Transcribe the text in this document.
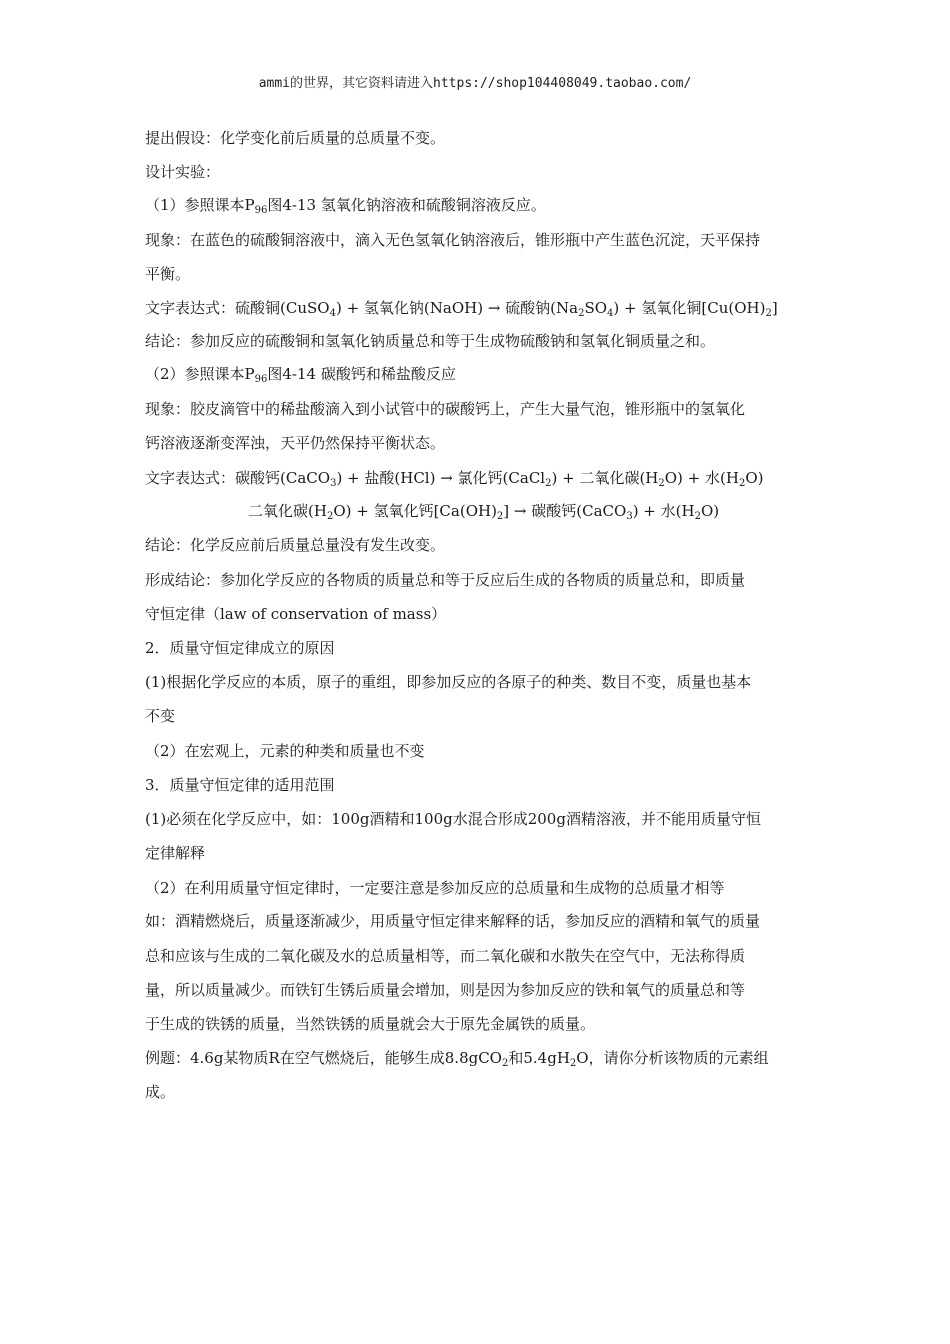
ammi的世界，其它资料请进入https://shop104408049.taobao.com/
提出假设：化学变化前后质量的总质量不变。
设计实验：
（1）参照课本$P_{96}$图4-13 氢氧化钠溶液和硫酸铜溶液反应。
现象：在蓝色的硫酸铜溶液中，滴入无色氢氧化钠溶液后，锥形瓶中产生蓝色沉淀，天平保持
平衡。
文字表达式：硫酸铜(CuSO$_4$) + 氢氧化钠(NaOH) → 硫酸钠$(Na_2SO_4)$ + 氢氧化铜$[Cu(OH)_2]$
结论：参加反应的硫酸铜和氢氧化钠质量总和等于生成物硫酸钠和氢氧化铜质量之和。
（2）参照课本$P_{96}$图4-14 碳酸钙和稀盐酸反应
现象：胶皮滴管中的稀盐酸滴入到小试管中的碳酸钙上，产生大量气泡，锥形瓶中的氢氧化
钙溶液逐渐变浑浊，天平仍然保持平衡状态。
文字表达式：碳酸钙(CaCO$_3$) + 盐酸(HCl) → 氯化钙(CaCl$_2$) + 二氧化碳$(H_2O)$ + 水$(H_2O)$
二氧化碳$(H_2O)$ + 氢氧化钙$[Ca(OH)_2]$ → 碳酸钙(CaCO$_3$) + 水$(H_2O)$
结论：化学反应前后质量总量没有发生改变。
形成结论：参加化学反应的各物质的质量总和等于反应后生成的各物质的质量总和，即质量
守恒定律（law of conservation of mass）
2．质量守恒定律成立的原因
(1)根据化学反应的本质，原子的重组，即参加反应的各原子的种类、数目不变，质量也基本
不变
（2）在宏观上，元素的种类和质量也不变
3．质量守恒定律的适用范围
(1)必须在化学反应中，如：100g酒精和100g水混合形成200g酒精溶液，并不能用质量守恒
定律解释
（2）在利用质量守恒定律时，一定要注意是参加反应的总质量和生成物的总质量才相等
如：酒精燃烧后，质量逐渐减少，用质量守恒定律来解释的话，参加反应的酒精和氧气的质量
总和应该与生成的二氧化碳及水的总质量相等，而二氧化碳和水散失在空气中，无法称得质
量，所以质量减少。而铁钉生锈后质量会增加，则是因为参加反应的铁和氧气的质量总和等
于生成的铁锈的质量，当然铁锈的质量就会大于原先金属铁的质量。
例题：4.6g某物质R在空气燃烧后，能够生成8.8gCO$_2$和$5.4gH_2O$，请你分析该物质的元素组
成。
